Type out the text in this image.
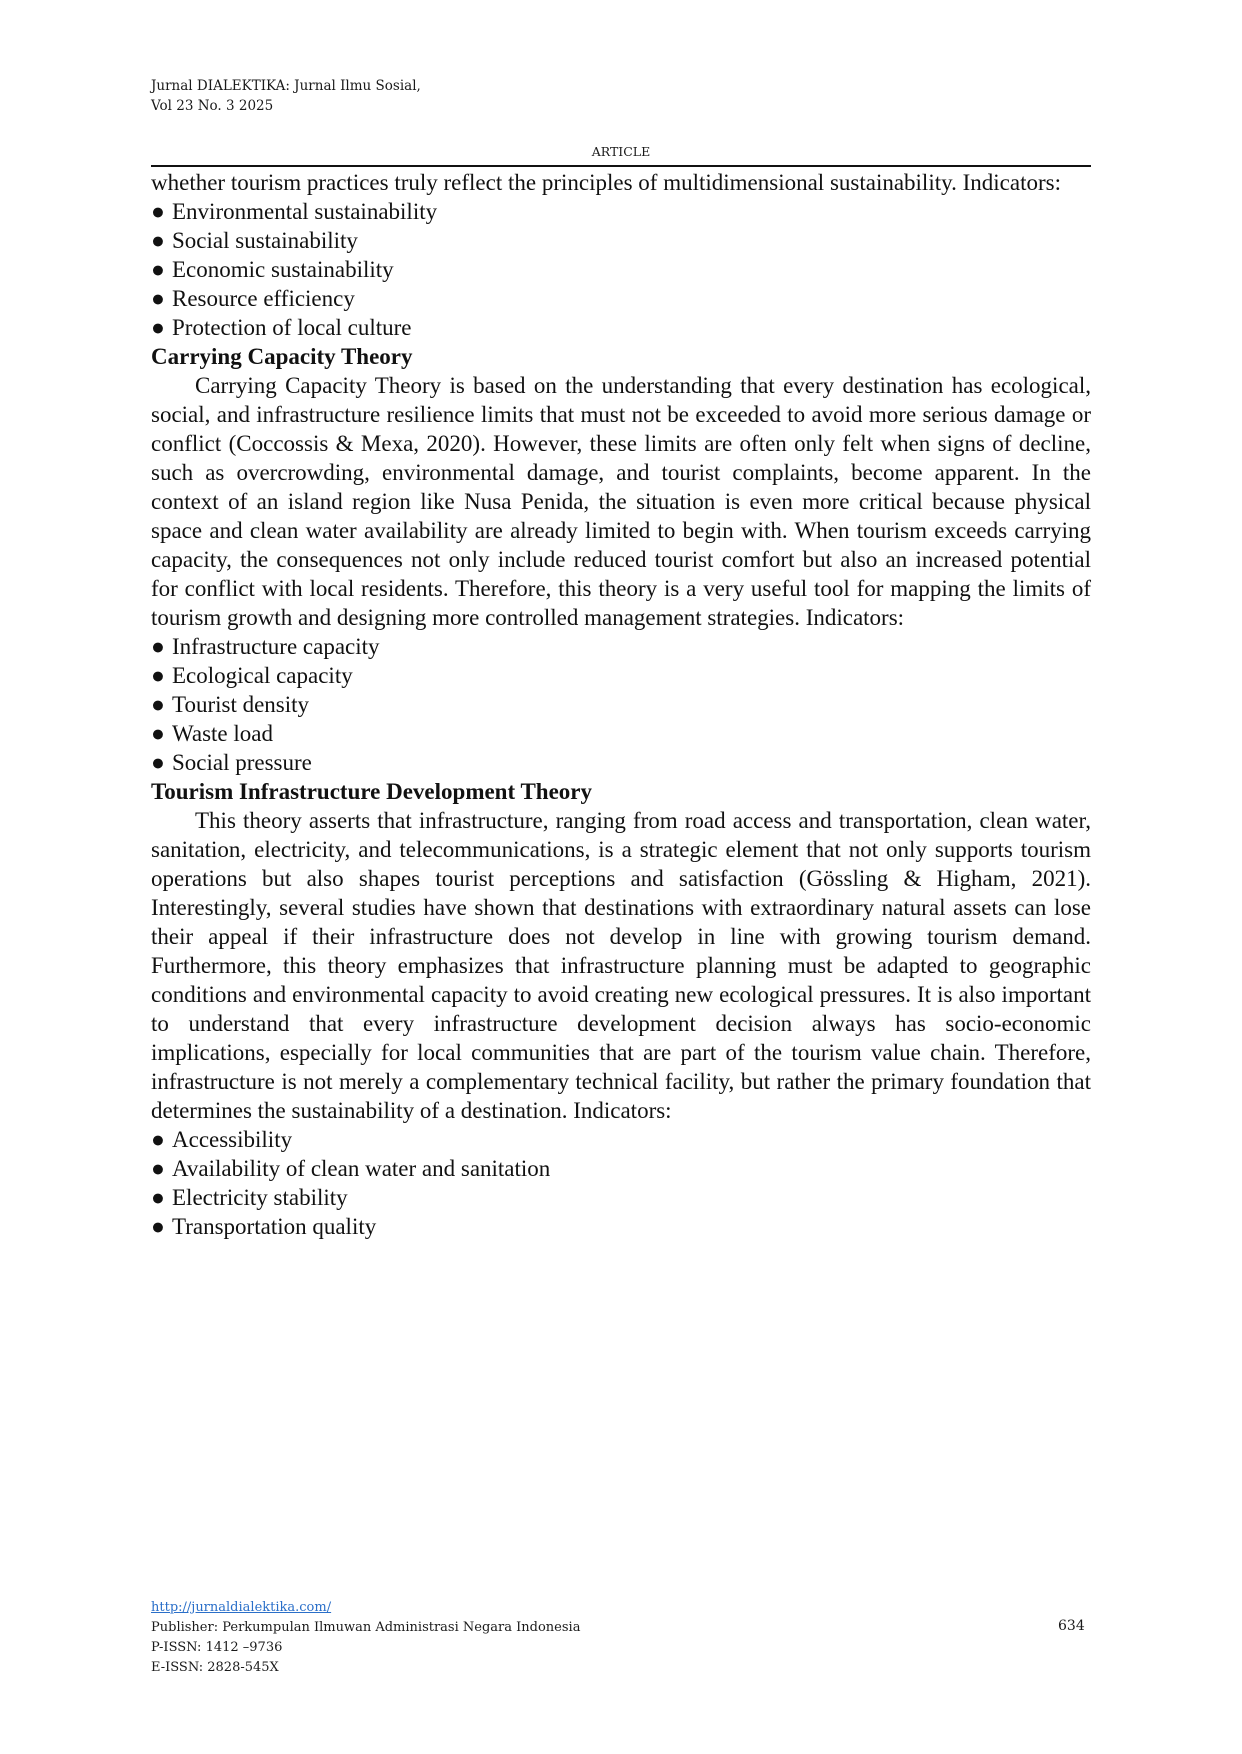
Jurnal DIALEKTIKA: Jurnal Ilmu Sosial,
Vol 23 No. 3 2025
ARTICLE

whether tourism practices truly reflect the principles of multidimensional sustainability. Indicators:

● Environmental sustainability
● Social sustainability
● Economic sustainability
● Resource efficiency
● Protection of local culture
Carrying Capacity Theory

Carrying Capacity Theory is based on the understanding that every destination has ecological, social, and infrastructure resilience limits that must not be exceeded to avoid more serious damage or conflict (Coccossis & Mexa, 2020). However, these limits are often only felt when signs of decline, such as overcrowding, environmental damage, and tourist complaints, become apparent. In the context of an island region like Nusa Penida, the situation is even more critical because physical space and clean water availability are already limited to begin with. When tourism exceeds carrying capacity, the consequences not only include reduced tourist comfort but also an increased potential for conflict with local residents. Therefore, this theory is a very useful tool for mapping the limits of tourism growth and designing more controlled management strategies. Indicators:

● Infrastructure capacity
● Ecological capacity
● Tourist density
● Waste load
● Social pressure
Tourism Infrastructure Development Theory

This theory asserts that infrastructure, ranging from road access and transportation, clean water, sanitation, electricity, and telecommunications, is a strategic element that not only supports tourism operations but also shapes tourist perceptions and satisfaction (Gössling & Higham, 2021). Interestingly, several studies have shown that destinations with extraordinary natural assets can lose their appeal if their infrastructure does not develop in line with growing tourism demand. Furthermore, this theory emphasizes that infrastructure planning must be adapted to geographic conditions and environmental capacity to avoid creating new ecological pressures. It is also important to understand that every infrastructure development decision always has socio-economic implications, especially for local communities that are part of the tourism value chain. Therefore, infrastructure is not merely a complementary technical facility, but rather the primary foundation that determines the sustainability of a destination. Indicators:

● Accessibility
● Availability of clean water and sanitation
● Electricity stability
● Transportation quality
http://jurnaldialektika.com/
Publisher: Perkumpulan Ilmuwan Administrasi Negara Indonesia
P-ISSN: 1412 –9736
E-ISSN: 2828-545X
634
